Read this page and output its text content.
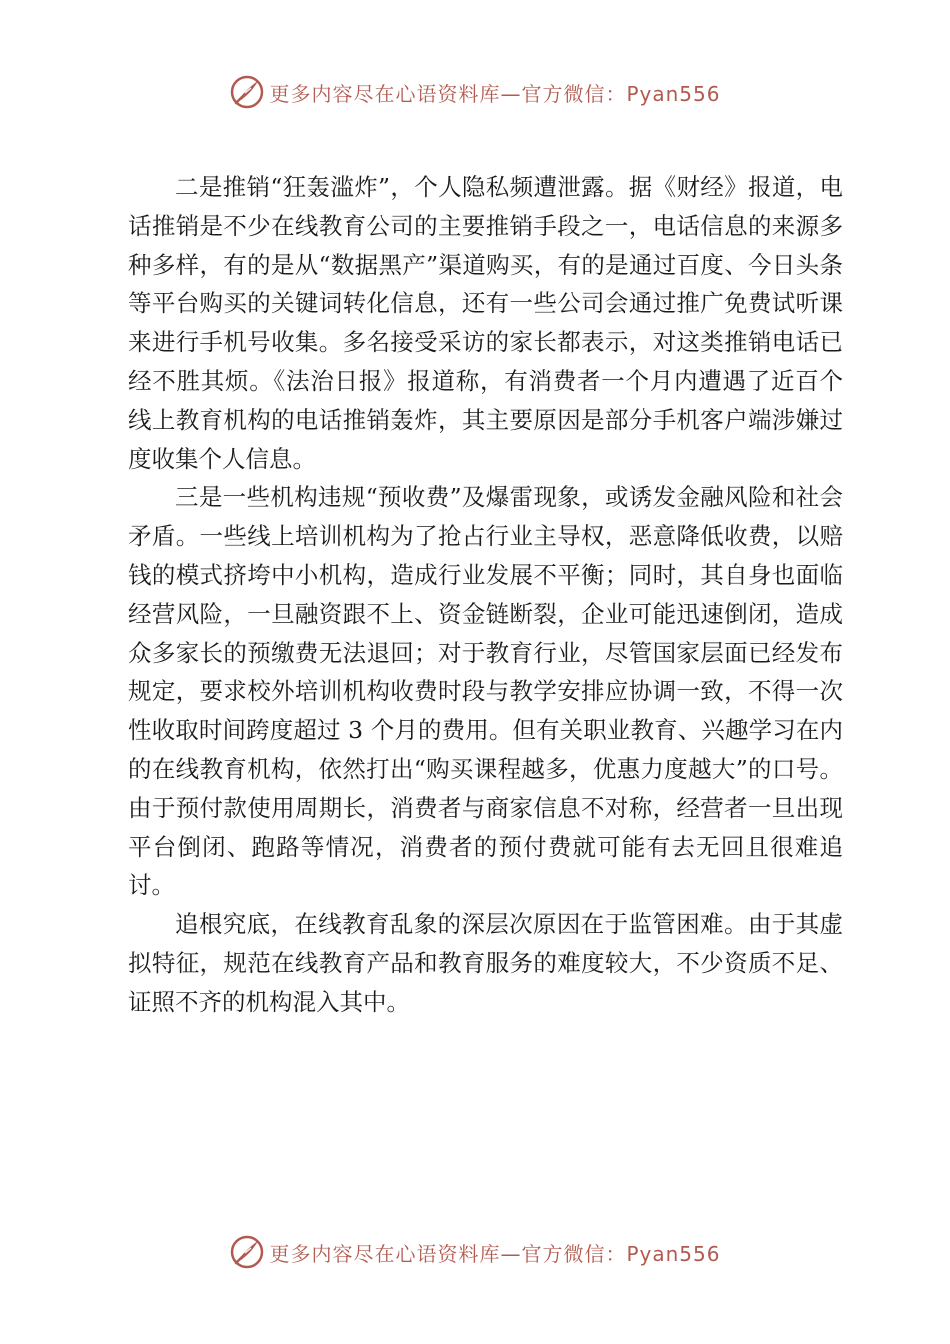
更多内容尽在心语资料库—官方微信：Pyan556

二是推销“狂轰滥炸”，个人隐私频遭泄露。据《财经》报道，电话推销是不少在线教育公司的主要推销手段之一，电话信息的来源多种多样，有的是从“数据黑产”渠道购买，有的是通过百度、今日头条等平台购买的关键词转化信息，还有一些公司会通过推广免费试听课来进行手机号收集。多名接受采访的家长都表示，对这类推销电话已经不胜其烦。《法治日报》报道称，有消费者一个月内遭遇了近百个线上教育机构的电话推销轰炸，其主要原因是部分手机客户端涉嫌过度收集个人信息。

三是一些机构违规“预收费”及爆雷现象，或诱发金融风险和社会矛盾。一些线上培训机构为了抢占行业主导权，恶意降低收费，以赔钱的模式挤垮中小机构，造成行业发展不平衡；同时，其自身也面临经营风险，一旦融资跟不上、资金链断裂，企业可能迅速倒闭，造成众多家长的预缴费无法退回；对于教育行业，尽管国家层面已经发布规定，要求校外培训机构收费时段与教学安排应协调一致，不得一次性收取时间跨度超过 3 个月的费用。但有关职业教育、兴趣学习在内的在线教育机构，依然打出“购买课程越多，优惠力度越大”的口号。由于预付款使用周期长，消费者与商家信息不对称，经营者一旦出现平台倒闭、跑路等情况，消费者的预付费就可能有去无回且很难追讨。

追根究底，在线教育乱象的深层次原因在于监管困难。由于其虚拟特征，规范在线教育产品和教育服务的难度较大，不少资质不足、证照不齐的机构混入其中。

更多内容尽在心语资料库—官方微信：Pyan556
